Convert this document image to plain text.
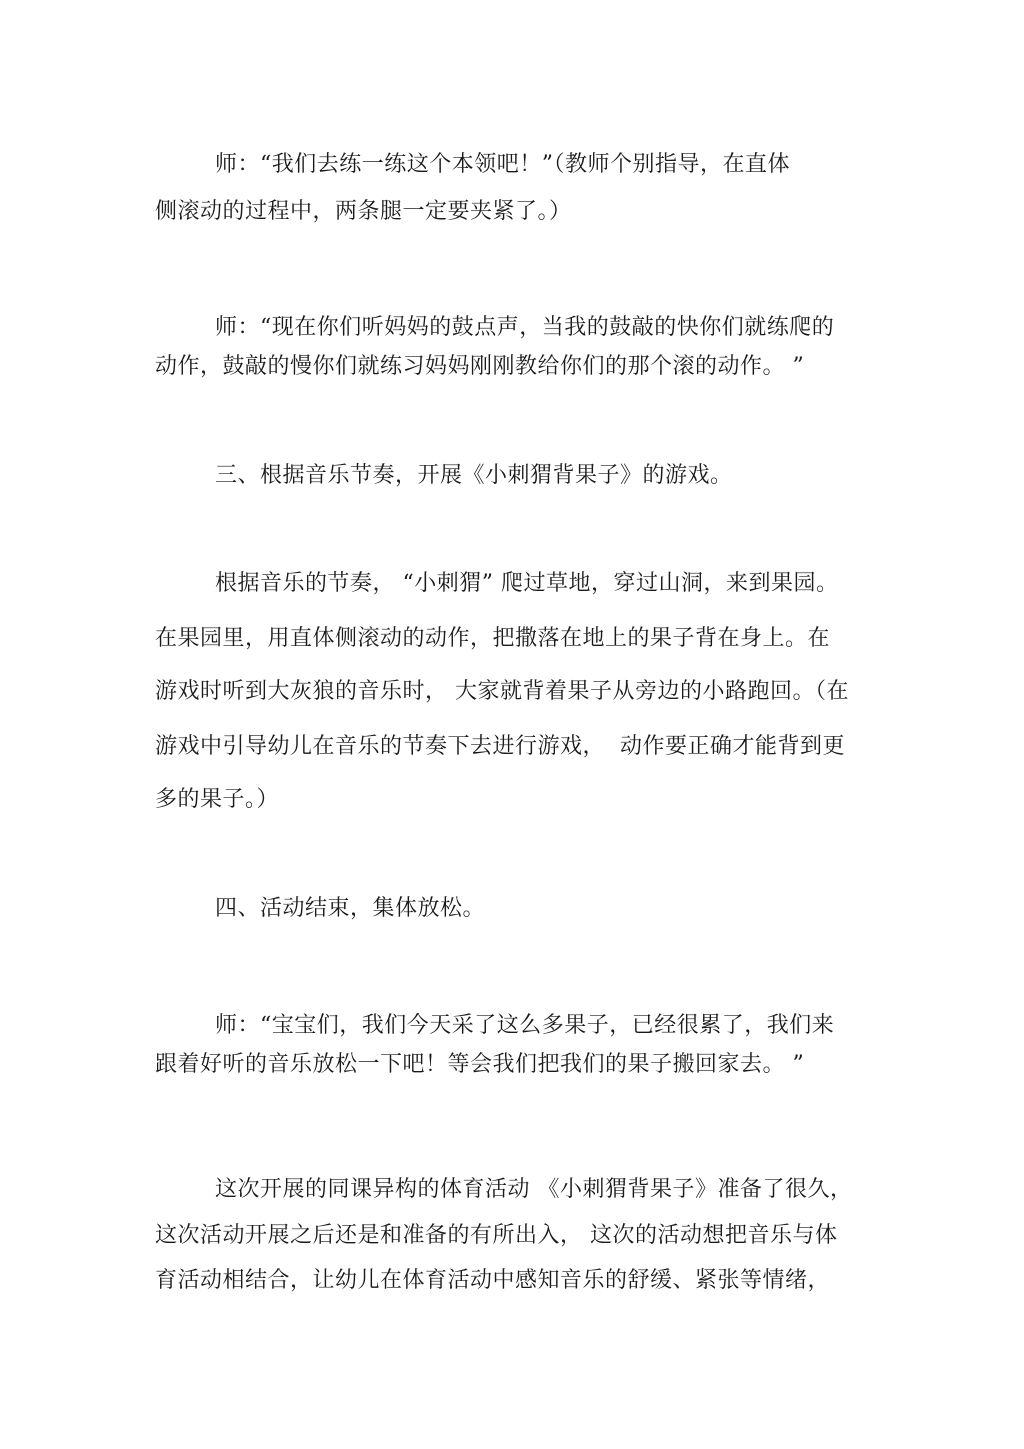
师：“我们去练一练这个本领吧！”（教师个别指导，在直体
侧滚动的过程中，两条腿一定要夹紧了。）
师：“现在你们听妈妈的鼓点声，当我的鼓敲的快你们就练爬的
动作，鼓敲的慢你们就练习妈妈刚刚教给你们的那个滚的动作。 ”
三、根据音乐节奏，开展《小刺猬背果子》的游戏。
根据音乐的节奏， “小刺猬” 爬过草地，穿过山洞，来到果园。
在果园里，用直体侧滚动的动作，把撒落在地上的果子背在身上。在
游戏时听到大灰狼的音乐时， 大家就背着果子从旁边的小路跑回。（在
游戏中引导幼儿在音乐的节奏下去进行游戏，  动作要正确才能背到更
多的果子。）
四、活动结束，集体放松。
师：“宝宝们，我们今天采了这么多果子，已经很累了，我们来
跟着好听的音乐放松一下吧！等会我们把我们的果子搬回家去。 ”
这次开展的同课异构的体育活动 《小刺猬背果子》准备了很久，
这次活动开展之后还是和准备的有所出入， 这次的活动想把音乐与体
育活动相结合，让幼儿在体育活动中感知音乐的舒缓、紧张等情绪，
